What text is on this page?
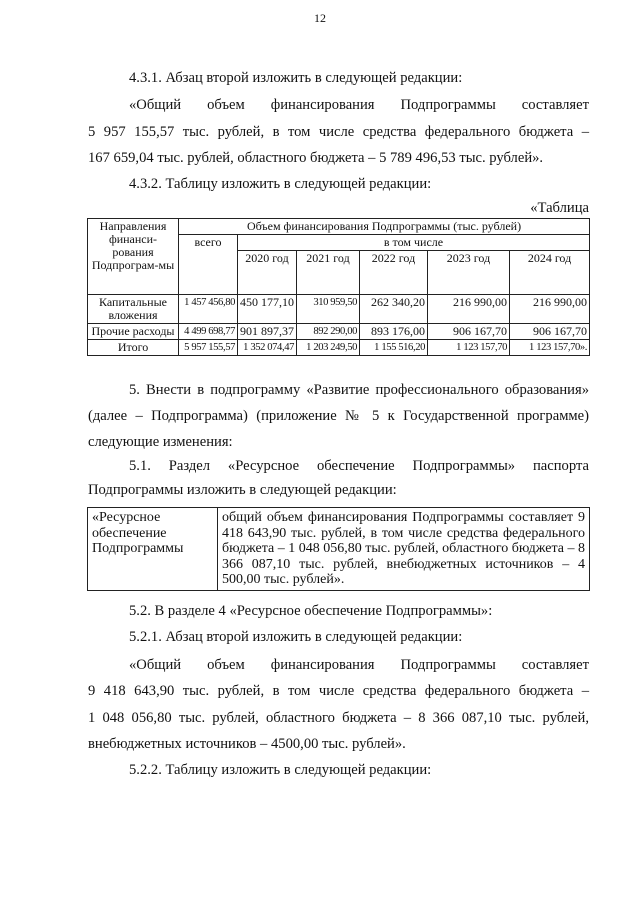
12
4.3.1. Абзац второй изложить в следующей редакции:
«Общий объем финансирования Подпрограммы составляет
5 957 155,57 тыс. рублей, в том числе средства федерального бюджета –
167 659,04 тыс. рублей, областного бюджета – 5 789 496,53 тыс. рублей».
4.3.2. Таблицу изложить в следующей редакции:
«Таблица
Направления финанси-рования Подпрограм-мы	Объем финансирования Подпрограммы (тыс. рублей)					
	всего	в том числе				
		2020 год	2021 год	2022 год	2023 год	2024 год
Капитальные вложения	1 457 456,80	450 177,10	310 959,50	262 340,20	216 990,00	216 990,00
Прочие расходы	4 499 698,77	901 897,37	892 290,00	893 176,00	906 167,70	906 167,70
Итого	5 957 155,57	1 352 074,47	1 203 249,50	1 155 516,20	1 123 157,70	1 123 157,70».
5. Внести в подпрограмму «Развитие профессионального образования»
(далее – Подпрограмма) (приложение № 5 к Государственной программе)
следующие изменения:
5.1. Раздел «Ресурсное обеспечение Подпрограммы» паспорта
Подпрограммы изложить в следующей редакции:
«Ресурсное обеспечение Подпрограммы	общий объем финансирования Подпрограммы составляет 9 418 643,90 тыс. рублей, в том числе средства федерального бюджета – 1 048 056,80 тыс. рублей, областного бюджета – 8 366 087,10 тыс. рублей, внебюджетных источников – 4 500,00 тыс. рублей».
5.2. В разделе 4 «Ресурсное обеспечение Подпрограммы»:
5.2.1. Абзац второй изложить в следующей редакции:
«Общий объем финансирования Подпрограммы составляет
9 418 643,90 тыс. рублей, в том числе средства федерального бюджета –
1 048 056,80 тыс. рублей, областного бюджета – 8 366 087,10 тыс. рублей,
внебюджетных источников – 4500,00 тыс. рублей».
5.2.2. Таблицу изложить в следующей редакции:
